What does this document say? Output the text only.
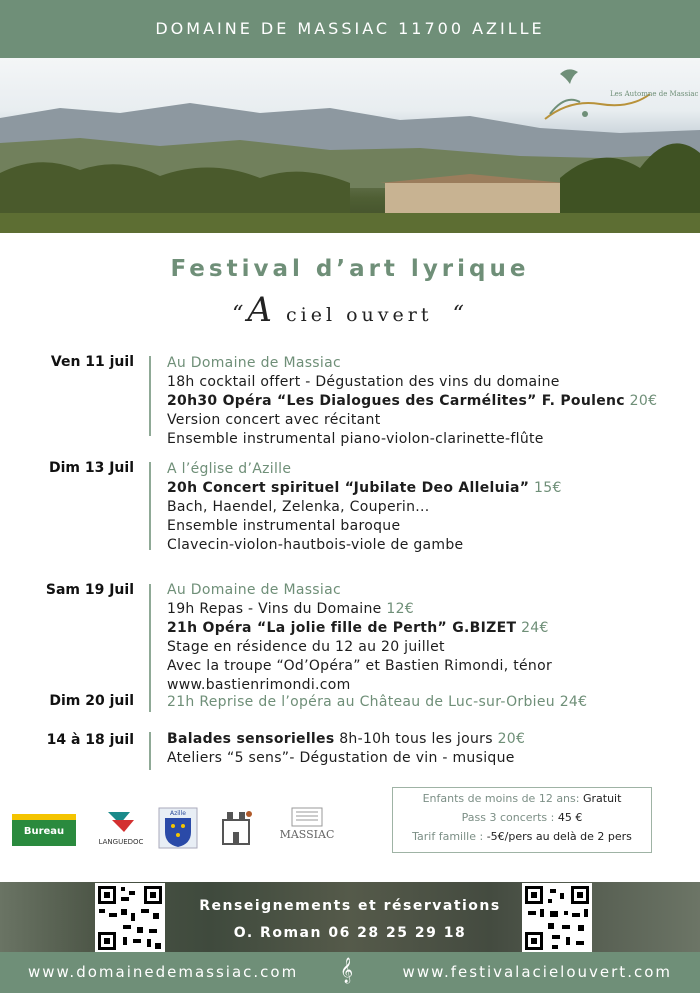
DOMAINE DE MASSIAC 11700 AZILLE
Les Automne de Massiac
Festival d’art lyrique
“A ciel ouvert “
Ven 11 juil Au Domaine de Massiac
18h cocktail offert - Dégustation des vins du domaine
20h30 Opéra “Les Dialogues des Carmélites” F. Poulenc 20€
Version concert avec récitant
Ensemble instrumental piano-violon-clarinette-flûte
Dim 13 Juil A l’église d’Azille
20h Concert spirituel “Jubilate Deo Alleluia” 15€
Bach, Haendel, Zelenka, Couperin...
Ensemble instrumental baroque
Clavecin-violon-hautbois-viole de gambe
Sam 19 Juil Au Domaine de Massiac
19h Repas - Vins du Domaine 12€
21h Opéra “La jolie fille de Perth” G.BIZET 24€
Stage en résidence du 12 au 20 juillet
Avec la troupe “Od’Opéra” et Bastien Rimondi, ténor
www.bastienrimondi.com
Dim 20 juil 21h Reprise de l’opéra au Château de Luc-sur-Orbieu 24€
14 à 18 juil Balades sensorielles 8h-10h tous les jours 20€
Ateliers “5 sens”- Dégustation de vin - musique
Bureau Vallée
LANGUEDOC
Azille
MASSIAC
Enfants de moins de 12 ans: Gratuit
Pass 3 concerts : 45 €
Tarif famille : -5€/pers au delà de 2 pers
Renseignements et réservations
O. Roman 06 28 25 29 18
www.domainedemassiac.com 𝄞	www.festivalacielouvert.com
